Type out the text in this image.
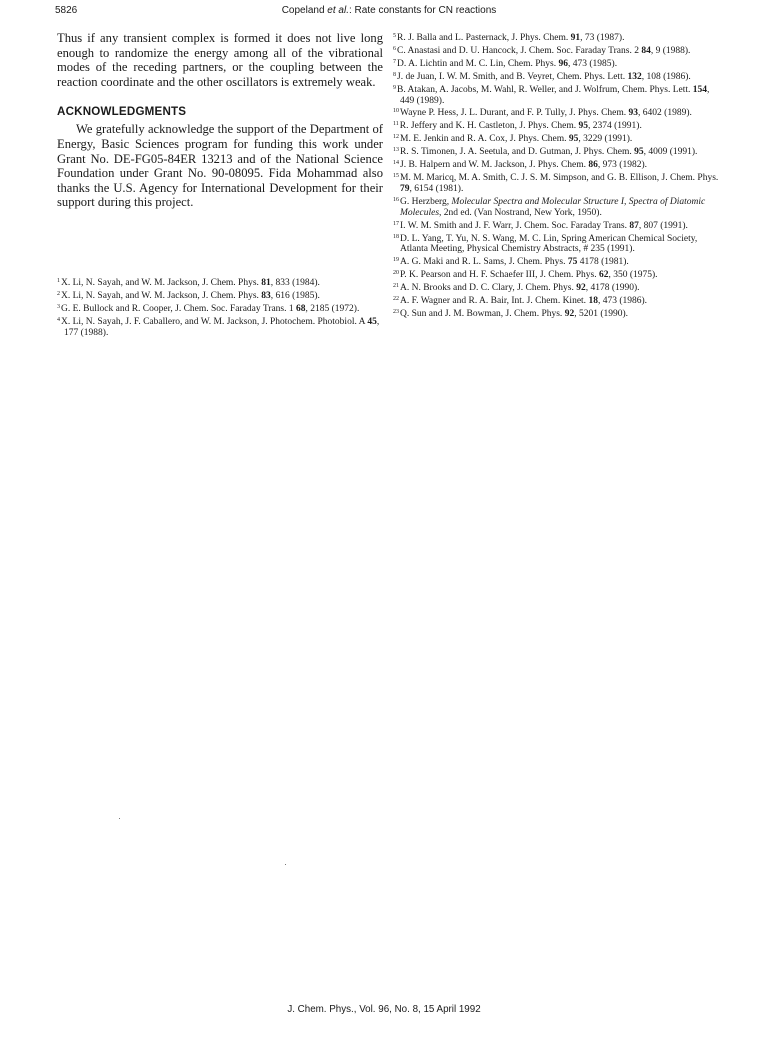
5826	Copeland et al.: Rate constants for CN reactions

Thus if any transient complex is formed it does not live long enough to randomize the energy among all of the vibrational modes of the receding partners, or the coupling between the reaction coordinate and the other oscillators is extremely weak.

ACKNOWLEDGMENTS

We gratefully acknowledge the support of the Department of Energy, Basic Sciences program for funding this work under Grant No. DE-FG05-84ER 13213 and of the National Science Foundation under Grant No. 90-08095. Fida Mohammad also thanks the U.S. Agency for International Development for their support during this project.

$^1$X. Li, N. Sayah, and W. M. Jackson, J. Chem. Phys. 81, 833 (1984).
$^2$X. Li, N. Sayah, and W. M. Jackson, J. Chem. Phys. 83, 616 (1985).
$^3$G. E. Bullock and R. Cooper, J. Chem. Soc. Faraday Trans. 1 68, 2185 (1972).
$^4$X. Li, N. Sayah, J. F. Caballero, and W. M. Jackson, J. Photochem. Photobiol. A 45, 177 (1988).
$^5$R. J. Balla and L. Pasternack, J. Phys. Chem. 91, 73 (1987).
$^6$C. Anastasi and D. U. Hancock, J. Chem. Soc. Faraday Trans. 2 84, 9 (1988).
$^7$D. A. Lichtin and M. C. Lin, Chem. Phys. 96, 473 (1985).
$^8$J. de Juan, I. W. M. Smith, and B. Veyret, Chem. Phys. Lett. 132, 108 (1986).
$^9$B. Atakan, A. Jacobs, M. Wahl, R. Weller, and J. Wolfrum, Chem. Phys. Lett. 154, 449 (1989).
$^{10}$Wayne P. Hess, J. L. Durant, and F. P. Tully, J. Phys. Chem. 93, 6402 (1989).
$^{11}$R. Jeffery and K. H. Castleton, J. Phys. Chem. 95, 2374 (1991).
$^{12}$M. E. Jenkin and R. A. Cox, J. Phys. Chem. 95, 3229 (1991).
$^{13}$R. S. Timonen, J. A. Seetula, and D. Gutman, J. Phys. Chem. 95, 4009 (1991).
$^{14}$J. B. Halpern and W. M. Jackson, J. Phys. Chem. 86, 973 (1982).
$^{15}$M. M. Maricq, M. A. Smith, C. J. S. M. Simpson, and G. B. Ellison, J. Chem. Phys. 79, 6154 (1981).
$^{16}$G. Herzberg, Molecular Spectra and Molecular Structure I, Spectra of Diatomic Molecules, 2nd ed. (Van Nostrand, New York, 1950).
$^{17}$I. W. M. Smith and J. F. Warr, J. Chem. Soc. Faraday Trans. 87, 807 (1991).
$^{18}$D. L. Yang, T. Yu, N. S. Wang, M. C. Lin, Spring American Chemical Society, Atlanta Meeting, Physical Chemistry Abstracts, # 235 (1991).
$^{19}$A. G. Maki and R. L. Sams, J. Chem. Phys. 75 4178 (1981).
$^{20}$P. K. Pearson and H. F. Schaefer III, J. Chem. Phys. 62, 350 (1975).
$^{21}$A. N. Brooks and D. C. Clary, J. Chem. Phys. 92, 4178 (1990).
$^{22}$A. F. Wagner and R. A. Bair, Int. J. Chem. Kinet. 18, 473 (1986).
$^{23}$Q. Sun and J. M. Bowman, J. Chem. Phys. 92, 5201 (1990).
J. Chem. Phys., Vol. 96, No. 8, 15 April 1992
